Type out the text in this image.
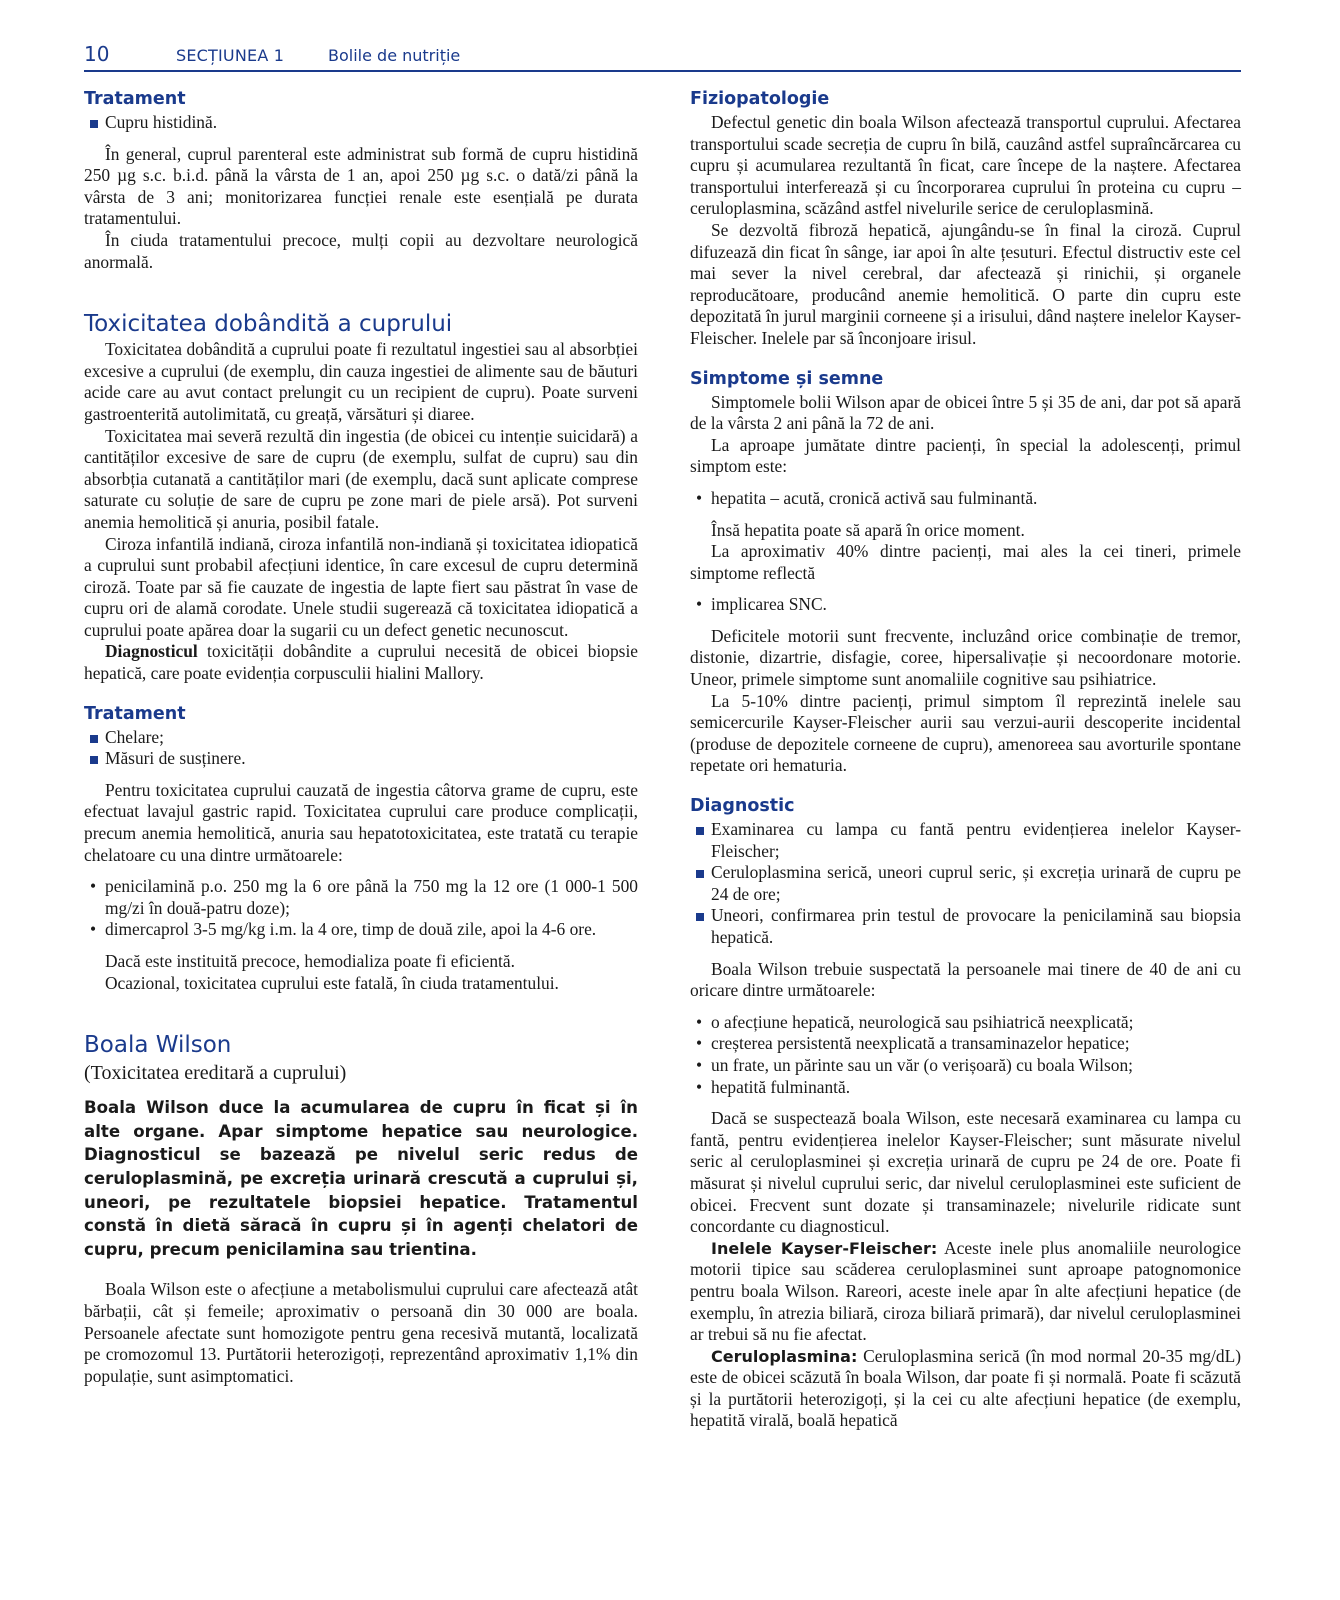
10	SECȚIUNEA 1	Bolile de nutriție
Tratament
Cupru histidină.

În general, cuprul parenteral este administrat sub formă de cupru histidină 250 µg s.c. b.i.d. până la vârsta de 1 an, apoi 250 µg s.c. o dată/zi până la vârsta de 3 ani; monitorizarea funcției renale este esențială pe durata tratamentului.

În ciuda tratamentului precoce, mulți copii au dezvoltare neurologică anormală.

Toxicitatea dobândită a cuprului

Toxicitatea dobândită a cuprului poate fi rezultatul ingestiei sau al absorbției excesive a cuprului (de exemplu, din cauza ingestiei de alimente sau de băuturi acide care au avut contact prelungit cu un recipient de cupru). Poate surveni gastroenterită autolimitată, cu greață, vărsături și diaree.

Toxicitatea mai severă rezultă din ingestia (de obicei cu intenție suicidară) a cantităților excesive de sare de cupru (de exemplu, sulfat de cupru) sau din absorbția cutanată a cantităților mari (de exemplu, dacă sunt aplicate comprese saturate cu soluție de sare de cupru pe zone mari de piele arsă). Pot surveni anemia hemolitică și anuria, posibil fatale.

Ciroza infantilă indiană, ciroza infantilă non-indiană și toxicitatea idiopatică a cuprului sunt probabil afecțiuni identice, în care excesul de cupru determină ciroză. Toate par să fie cauzate de ingestia de lapte fiert sau păstrat în vase de cupru ori de alamă corodate. Unele studii sugerează că toxicitatea idiopatică a cuprului poate apărea doar la sugarii cu un defect genetic necunoscut.

Diagnosticul toxicității dobândite a cuprului necesită de obicei biopsie hepatică, care poate evidenția corpusculii hialini Mallory.

Tratament
Chelare;
Măsuri de susținere.

Pentru toxicitatea cuprului cauzată de ingestia câtorva grame de cupru, este efectuat lavajul gastric rapid. Toxicitatea cuprului care produce complicații, precum anemia hemolitică, anuria sau hepatotoxicitatea, este tratată cu terapie chelatoare cu una dintre următoarele:

• penicilamină p.o. 250 mg la 6 ore până la 750 mg la 12 ore (1 000-1 500 mg/zi în două-patru doze);
• dimercaprol 3-5 mg/kg i.m. la 4 ore, timp de două zile, apoi la 4-6 ore.

Dacă este instituită precoce, hemodializa poate fi eficientă.

Ocazional, toxicitatea cuprului este fatală, în ciuda tratamentului.

Boala Wilson

(Toxicitatea ereditară a cuprului)

Boala Wilson duce la acumularea de cupru în ficat și în alte organe. Apar simptome hepatice sau neurologice. Diagnosticul se bazează pe nivelul seric redus de ceruloplasmină, pe excreția urinară crescută a cuprului și, uneori, pe rezultatele biopsiei hepatice. Tratamentul constă în dietă săracă în cupru și în agenți chelatori de cupru, precum penicilamina sau trientina.

Boala Wilson este o afecțiune a metabolismului cuprului care afectează atât bărbații, cât și femeile; aproximativ o persoană din 30 000 are boala. Persoanele afectate sunt homozigote pentru gena recesivă mutantă, localizată pe cromozomul 13. Purtătorii heterozigoți, reprezentând aproximativ 1,1% din populație, sunt asimptomatici.

Fiziopatologie

Defectul genetic din boala Wilson afectează transportul cuprului. Afectarea transportului scade secreția de cupru în bilă, cauzând astfel supraîncărcarea cu cupru și acumularea rezultantă în ficat, care începe de la naștere. Afectarea transportului interferează și cu încorporarea cuprului în proteina cu cupru – ceruloplasmina, scăzând astfel nivelurile serice de ceruloplasmină.

Se dezvoltă fibroză hepatică, ajungându-se în final la ciroză. Cuprul difuzează din ficat în sânge, iar apoi în alte țesuturi. Efectul distructiv este cel mai sever la nivel cerebral, dar afectează și rinichii, și organele reproducătoare, producând anemie hemolitică. O parte din cupru este depozitată în jurul marginii corneene și a irisului, dând naștere inelelor Kayser-Fleischer. Inelele par să înconjoare irisul.

Simptome și semne

Simptomele bolii Wilson apar de obicei între 5 și 35 de ani, dar pot să apară de la vârsta 2 ani până la 72 de ani.

La aproape jumătate dintre pacienți, în special la adolescenți, primul simptom este:

• hepatita – acută, cronică activă sau fulminantă.

Însă hepatita poate să apară în orice moment.

La aproximativ 40% dintre pacienți, mai ales la cei tineri, primele simptome reflectă

• implicarea SNC.

Deficitele motorii sunt frecvente, incluzând orice combinație de tremor, distonie, dizartrie, disfagie, coree, hipersalivație și necoordonare motorie. Uneor, primele simptome sunt anomaliile cognitive sau psihiatrice.

La 5-10% dintre pacienți, primul simptom îl reprezintă inelele sau semicercurile Kayser-Fleischer aurii sau verzui-aurii descoperite incidental (produse de depozitele corneene de cupru), amenoreea sau avorturile spontane repetate ori hematuria.

Diagnostic
Examinarea cu lampa cu fantă pentru evidențierea inelelor Kayser-Fleischer;
Ceruloplasmina serică, uneori cuprul seric, și excreția urinară de cupru pe 24 de ore;
Uneori, confirmarea prin testul de provocare la penicilamină sau biopsia hepatică.

Boala Wilson trebuie suspectată la persoanele mai tinere de 40 de ani cu oricare dintre următoarele:

• o afecțiune hepatică, neurologică sau psihiatrică neexplicată;
• creșterea persistentă neexplicată a transaminazelor hepatice;
• un frate, un părinte sau un văr (o verișoară) cu boala Wilson;
• hepatită fulminantă.

Dacă se suspectează boala Wilson, este necesară examinarea cu lampa cu fantă, pentru evidențierea inelelor Kayser-Fleischer; sunt măsurate nivelul seric al ceruloplasminei și excreția urinară de cupru pe 24 de ore. Poate fi măsurat și nivelul cuprului seric, dar nivelul ceruloplasminei este suficient de obicei. Frecvent sunt dozate și transaminazele; nivelurile ridicate sunt concordante cu diagnosticul.

Inelele Kayser-Fleischer: Aceste inele plus anomaliile neurologice motorii tipice sau scăderea ceruloplasminei sunt aproape patognomonice pentru boala Wilson. Rareori, aceste inele apar în alte afecțiuni hepatice (de exemplu, în atrezia biliară, ciroza biliară primară), dar nivelul ceruloplasminei ar trebui să nu fie afectat.

Ceruloplasmina: Ceruloplasmina serică (în mod normal 20-35 mg/dL) este de obicei scăzută în boala Wilson, dar poate fi și normală. Poate fi scăzută și la purtătorii heterozigoți, și la cei cu alte afecțiuni hepatice (de exemplu, hepatită virală, boală hepatică
